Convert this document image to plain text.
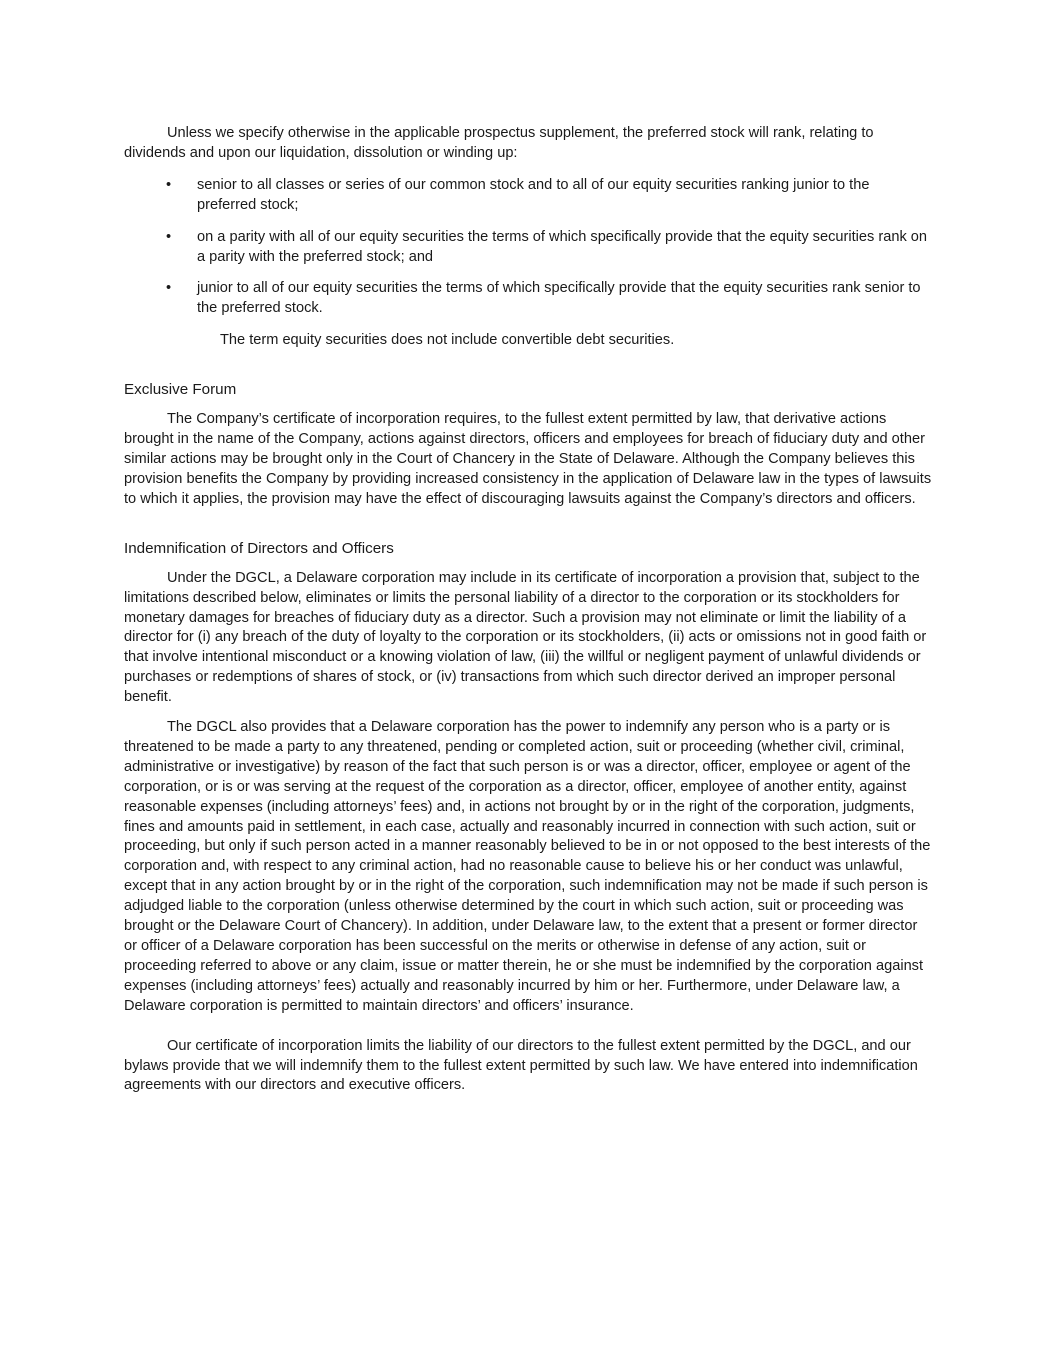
Unless we specify otherwise in the applicable prospectus supplement, the preferred stock will rank, relating to dividends and upon our liquidation, dissolution or winding up:

• senior to all classes or series of our common stock and to all of our equity securities ranking junior to the preferred stock;
• on a parity with all of our equity securities the terms of which specifically provide that the equity securities rank on a parity with the preferred stock; and
• junior to all of our equity securities the terms of which specifically provide that the equity securities rank senior to the preferred stock.

The term equity securities does not include convertible debt securities.

Exclusive Forum

The Company’s certificate of incorporation requires, to the fullest extent permitted by law, that derivative actions brought in the name of the Company, actions against directors, officers and employees for breach of fiduciary duty and other similar actions may be brought only in the Court of Chancery in the State of Delaware. Although the Company believes this provision benefits the Company by providing increased consistency in the application of Delaware law in the types of lawsuits to which it applies, the provision may have the effect of discouraging lawsuits against the Company’s directors and officers.

Indemnification of Directors and Officers

Under the DGCL, a Delaware corporation may include in its certificate of incorporation a provision that, subject to the limitations described below, eliminates or limits the personal liability of a director to the corporation or its stockholders for monetary damages for breaches of fiduciary duty as a director. Such a provision may not eliminate or limit the liability of a director for (i) any breach of the duty of loyalty to the corporation or its stockholders, (ii) acts or omissions not in good faith or that involve intentional misconduct or a knowing violation of law, (iii) the willful or negligent payment of unlawful dividends or purchases or redemptions of shares of stock, or (iv) transactions from which such director derived an improper personal benefit.

The DGCL also provides that a Delaware corporation has the power to indemnify any person who is a party or is threatened to be made a party to any threatened, pending or completed action, suit or proceeding (whether civil, criminal, administrative or investigative) by reason of the fact that such person is or was a director, officer, employee or agent of the corporation, or is or was serving at the request of the corporation as a director, officer, employee of another entity, against reasonable expenses (including attorneys’ fees) and, in actions not brought by or in the right of the corporation, judgments, fines and amounts paid in settlement, in each case, actually and reasonably incurred in connection with such action, suit or proceeding, but only if such person acted in a manner reasonably believed to be in or not opposed to the best interests of the corporation and, with respect to any criminal action, had no reasonable cause to believe his or her conduct was unlawful, except that in any action brought by or in the right of the corporation, such indemnification may not be made if such person is adjudged liable to the corporation (unless otherwise determined by the court in which such action, suit or proceeding was brought or the Delaware Court of Chancery). In addition, under Delaware law, to the extent that a present or former director or officer of a Delaware corporation has been successful on the merits or otherwise in defense of any action, suit or proceeding referred to above or any claim, issue or matter therein, he or she must be indemnified by the corporation against expenses (including attorneys’ fees) actually and reasonably incurred by him or her. Furthermore, under Delaware law, a Delaware corporation is permitted to maintain directors’ and officers’ insurance.

Our certificate of incorporation limits the liability of our directors to the fullest extent permitted by the DGCL, and our bylaws provide that we will indemnify them to the fullest extent permitted by such law. We have entered into indemnification agreements with our directors and executive officers.
